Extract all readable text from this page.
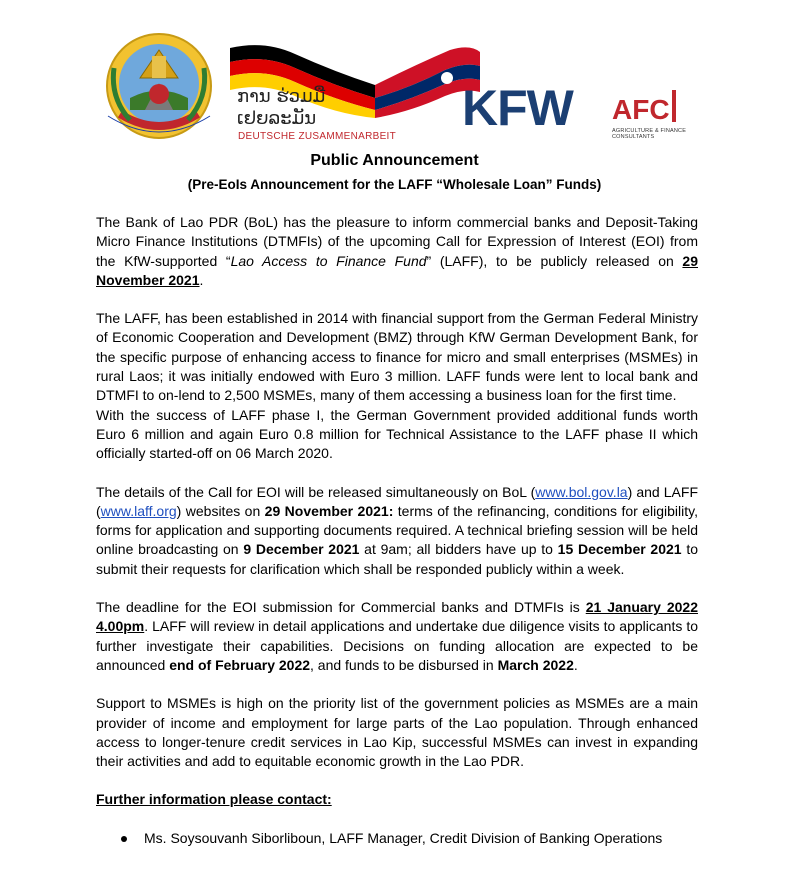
ການ ຮ່ວມມື
ເຢຍລະມັນ
DEUTSCHE ZUSAMMENARBEIT
KFW AFC
AGRICULTURE & FINANCE
CONSULTANTS
Public Announcement
(Pre-EoIs Announcement for the LAFF “Wholesale Loan” Funds)

The Bank of Lao PDR (BoL) has the pleasure to inform commercial banks and Deposit-Taking Micro Finance Institutions (DTMFIs) of the upcoming Call for Expression of Interest (EOI) from the KfW-supported “Lao Access to Finance Fund” (LAFF), to be publicly released on 29 November 2021.

The LAFF, has been established in 2014 with financial support from the German Federal Ministry of Economic Cooperation and Development (BMZ) through KfW German Development Bank, for the specific purpose of enhancing access to finance for micro and small enterprises (MSMEs) in rural Laos; it was initially endowed with Euro 3 million. LAFF funds were lent to local bank and DTMFI to on-lend to 2,500 MSMEs, many of them accessing a business loan for the first time.

With the success of LAFF phase I, the German Government provided additional funds worth Euro 6 million and again Euro 0.8 million for Technical Assistance to the LAFF phase II which officially started-off on 06 March 2020.

The details of the Call for EOI will be released simultaneously on BoL (www.bol.gov.la) and LAFF (www.laff.org) websites on 29 November 2021: terms of the refinancing, conditions for eligibility, forms for application and supporting documents required. A technical briefing session will be held online broadcasting on 9 December 2021 at 9am; all bidders have up to 15 December 2021 to submit their requests for clarification which shall be responded publicly within a week.

The deadline for the EOI submission for Commercial banks and DTMFIs is 21 January 2022 4.00pm. LAFF will review in detail applications and undertake due diligence visits to applicants to further investigate their capabilities. Decisions on funding allocation are expected to be announced end of February 2022, and funds to be disbursed in March 2022.

Support to MSMEs is high on the priority list of the government policies as MSMEs are a main provider of income and employment for large parts of the Lao population. Through enhanced access to longer-tenure credit services in Lao Kip, successful MSMEs can invest in expanding their activities and add to equitable economic growth in the Lao PDR.

Further information please contact:

Ms. Soysouvanh Siborliboun, LAFF Manager, Credit Division of Banking Operations
